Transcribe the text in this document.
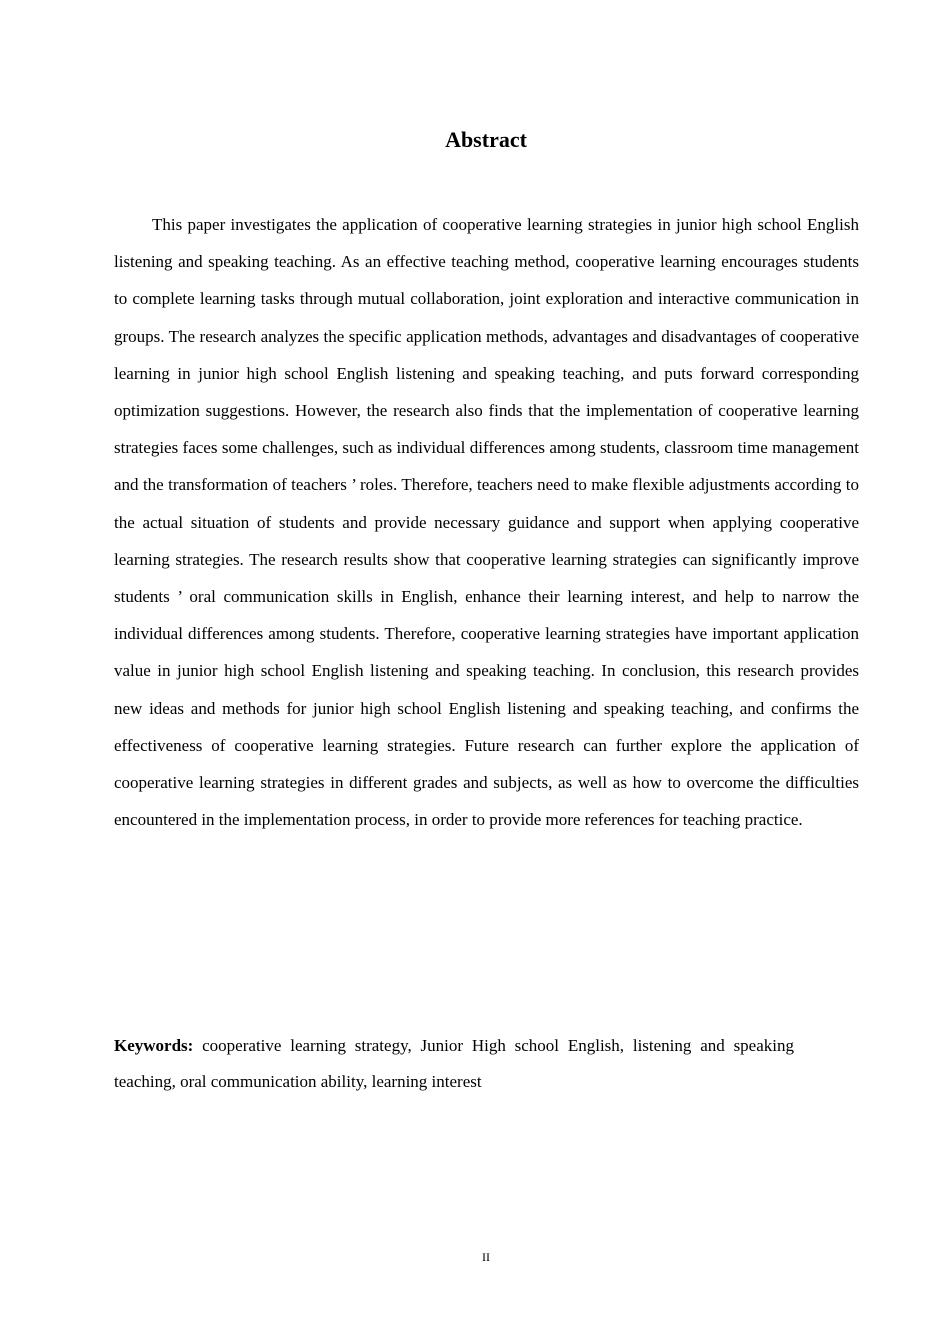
Abstract

This paper investigates the application of cooperative learning strategies in junior high school English listening and speaking teaching. As an effective teaching method, cooperative learning encourages students to complete learning tasks through mutual collaboration, joint exploration and interactive communication in groups. The research analyzes the specific application methods, advantages and disadvantages of cooperative learning in junior high school English listening and speaking teaching, and puts forward corresponding optimization suggestions. However, the research also finds that the implementation of cooperative learning strategies faces some challenges, such as individual differences among students, classroom time management and the transformation of teachers ’ roles. Therefore, teachers need to make flexible adjustments according to the actual situation of students and provide necessary guidance and support when applying cooperative learning strategies. The research results show that cooperative learning strategies can significantly improve students ’ oral communication skills in English, enhance their learning interest, and help to narrow the individual differences among students. Therefore, cooperative learning strategies have important application value in junior high school English listening and speaking teaching. In conclusion, this research provides new ideas and methods for junior high school English listening and speaking teaching, and confirms the effectiveness of cooperative learning strategies. Future research can further explore the application of cooperative learning strategies in different grades and subjects, as well as how to overcome the difficulties encountered in the implementation process, in order to provide more references for teaching practice.

Keywords: cooperative learning strategy, Junior High school English, listening and speaking teaching, oral communication ability, learning interest

II
